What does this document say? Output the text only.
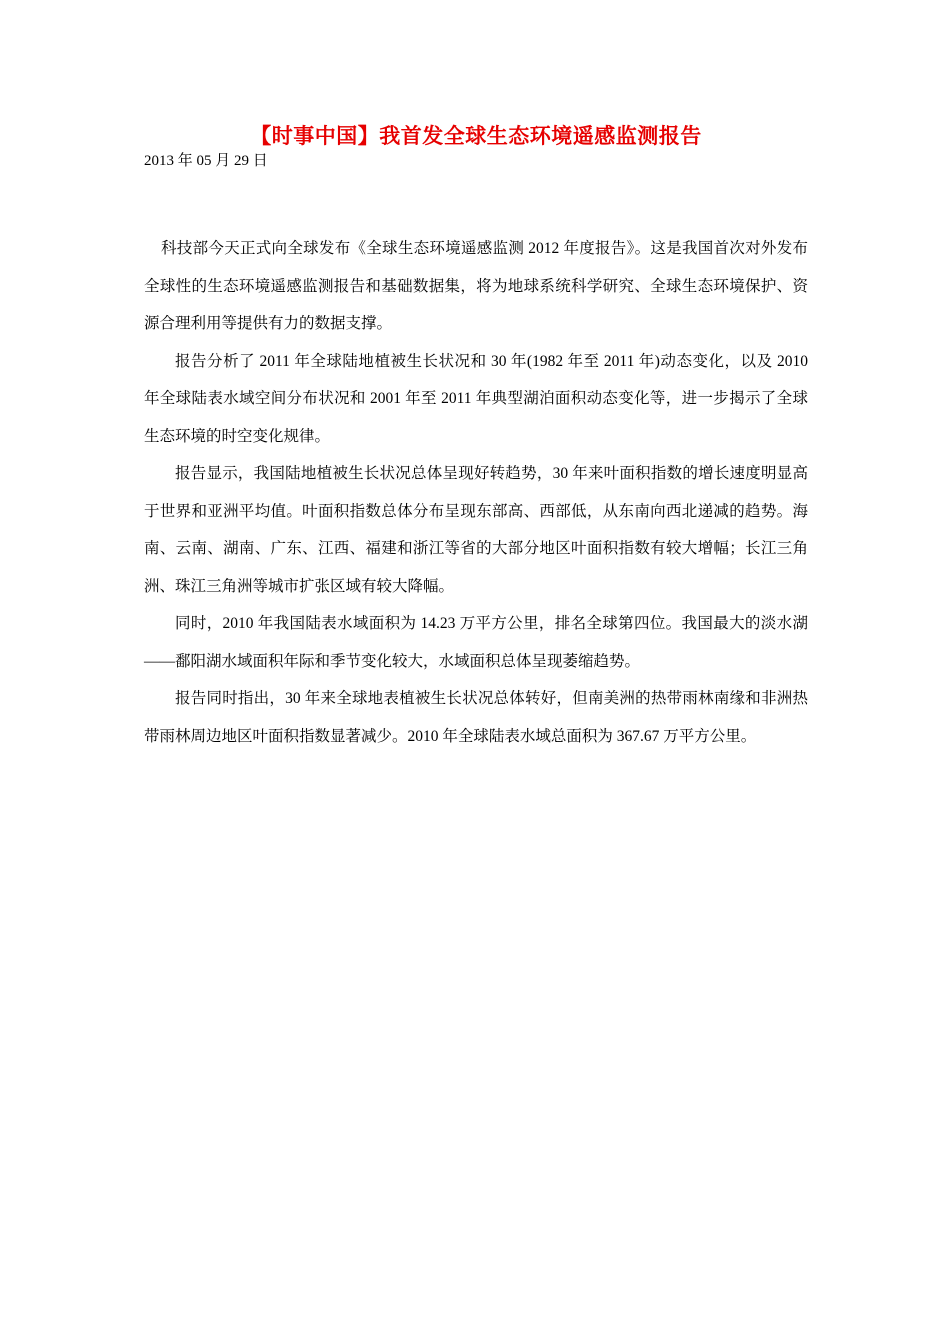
【时事中国】我首发全球生态环境遥感监测报告
2013 年 05 月 29 日

科技部今天正式向全球发布《全球生态环境遥感监测 2012 年度报告》。这是我国首次对外发布全球性的生态环境遥感监测报告和基础数据集，将为地球系统科学研究、全球生态环境保护、资源合理利用等提供有力的数据支撑。

报告分析了 2011 年全球陆地植被生长状况和 30 年(1982 年至 2011 年)动态变化，以及 2010 年全球陆表水域空间分布状况和 2001 年至 2011 年典型湖泊面积动态变化等，进一步揭示了全球生态环境的时空变化规律。

报告显示，我国陆地植被生长状况总体呈现好转趋势，30 年来叶面积指数的增长速度明显高于世界和亚洲平均值。叶面积指数总体分布呈现东部高、西部低，从东南向西北递减的趋势。海南、云南、湖南、广东、江西、福建和浙江等省的大部分地区叶面积指数有较大增幅；长江三角洲、珠江三角洲等城市扩张区域有较大降幅。

同时，2010 年我国陆表水域面积为 14.23 万平方公里，排名全球第四位。我国最大的淡水湖——鄱阳湖水域面积年际和季节变化较大，水域面积总体呈现萎缩趋势。

报告同时指出，30 年来全球地表植被生长状况总体转好，但南美洲的热带雨林南缘和非洲热带雨林周边地区叶面积指数显著减少。2010 年全球陆表水域总面积为 367.67 万平方公里。
